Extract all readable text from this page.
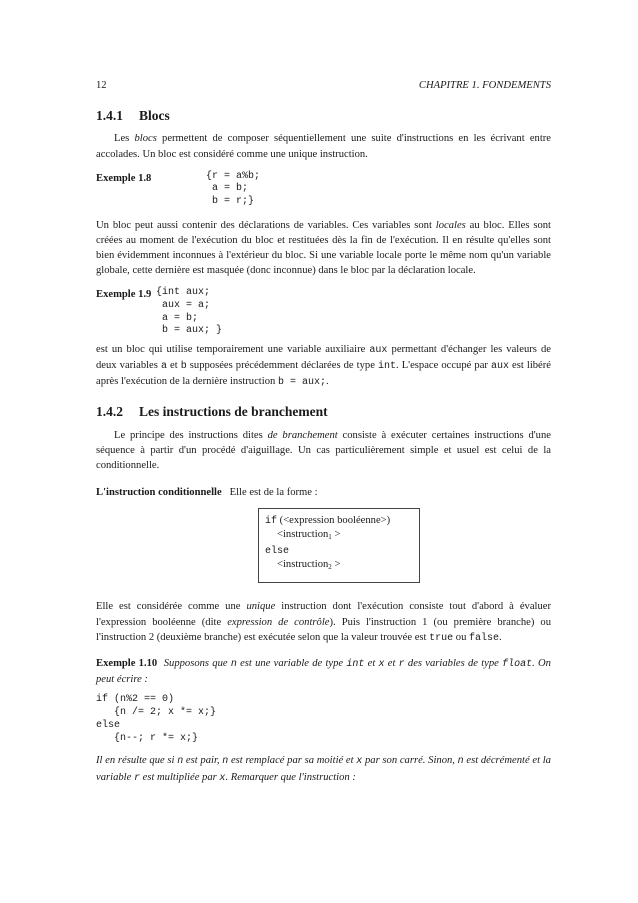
12	CHAPITRE 1. FONDEMENTS
1.4.1 Blocs

Les blocs permettent de composer séquentiellement une suite d'instructions en les écrivant entre accolades. Un bloc est considéré comme une unique instruction.

Exemple 1.8	{r = a%b;
a = b;
b = r;}

Un bloc peut aussi contenir des déclarations de variables. Ces variables sont locales au bloc. Elles sont créées au moment de l'exécution du bloc et restituées dès la fin de l'exécution. Il en résulte qu'elles sont bien évidemment inconnues à l'extérieur du bloc. Si une variable locale porte le même nom qu'un variable globale, cette dernière est masquée (donc inconnue) dans le bloc par la déclaration locale.

Exemple 1.9 {int aux;
aux = a;
a = b;
b = aux; }

est un bloc qui utilise temporairement une variable auxiliaire aux permettant d'échanger les valeurs de deux variables a et b supposées précédemment déclarées de type int. L'espace occupé par aux est libéré après l'exécution de la dernière instruction b = aux;.

1.4.2 Les instructions de branchement

Le principe des instructions dites de branchement consiste à exécuter certaines instructions d'une séquence à partir d'un procédé d'aiguillage. Un cas particulièrement simple et usuel est celui de la conditionnelle.

L'instruction conditionnelle Elle est de la forme :

if (<expression booléenne>)
<instruction$_1$ >
else
<instruction$_2$ >

Elle est considérée comme une unique instruction dont l'exécution consiste tout d'abord à évaluer l'expression booléenne (dite expression de contrôle). Puis l'instruction 1 (ou première branche) ou l'instruction 2 (deuxième branche) est exécutée selon que la valeur trouvée est true ou false.

Exemple 1.10 Supposons que n est une variable de type int et x et r des variables de type float. On peut écrire :

if (n%2 == 0)
{n /= 2; x *= x;}
else
{n--; r *= x;}

Il en résulte que si n est pair, n est remplacé par sa moitié et x par son carré. Sinon, n est décrémenté et la variable r est multipliée par x. Remarquer que l'instruction :
